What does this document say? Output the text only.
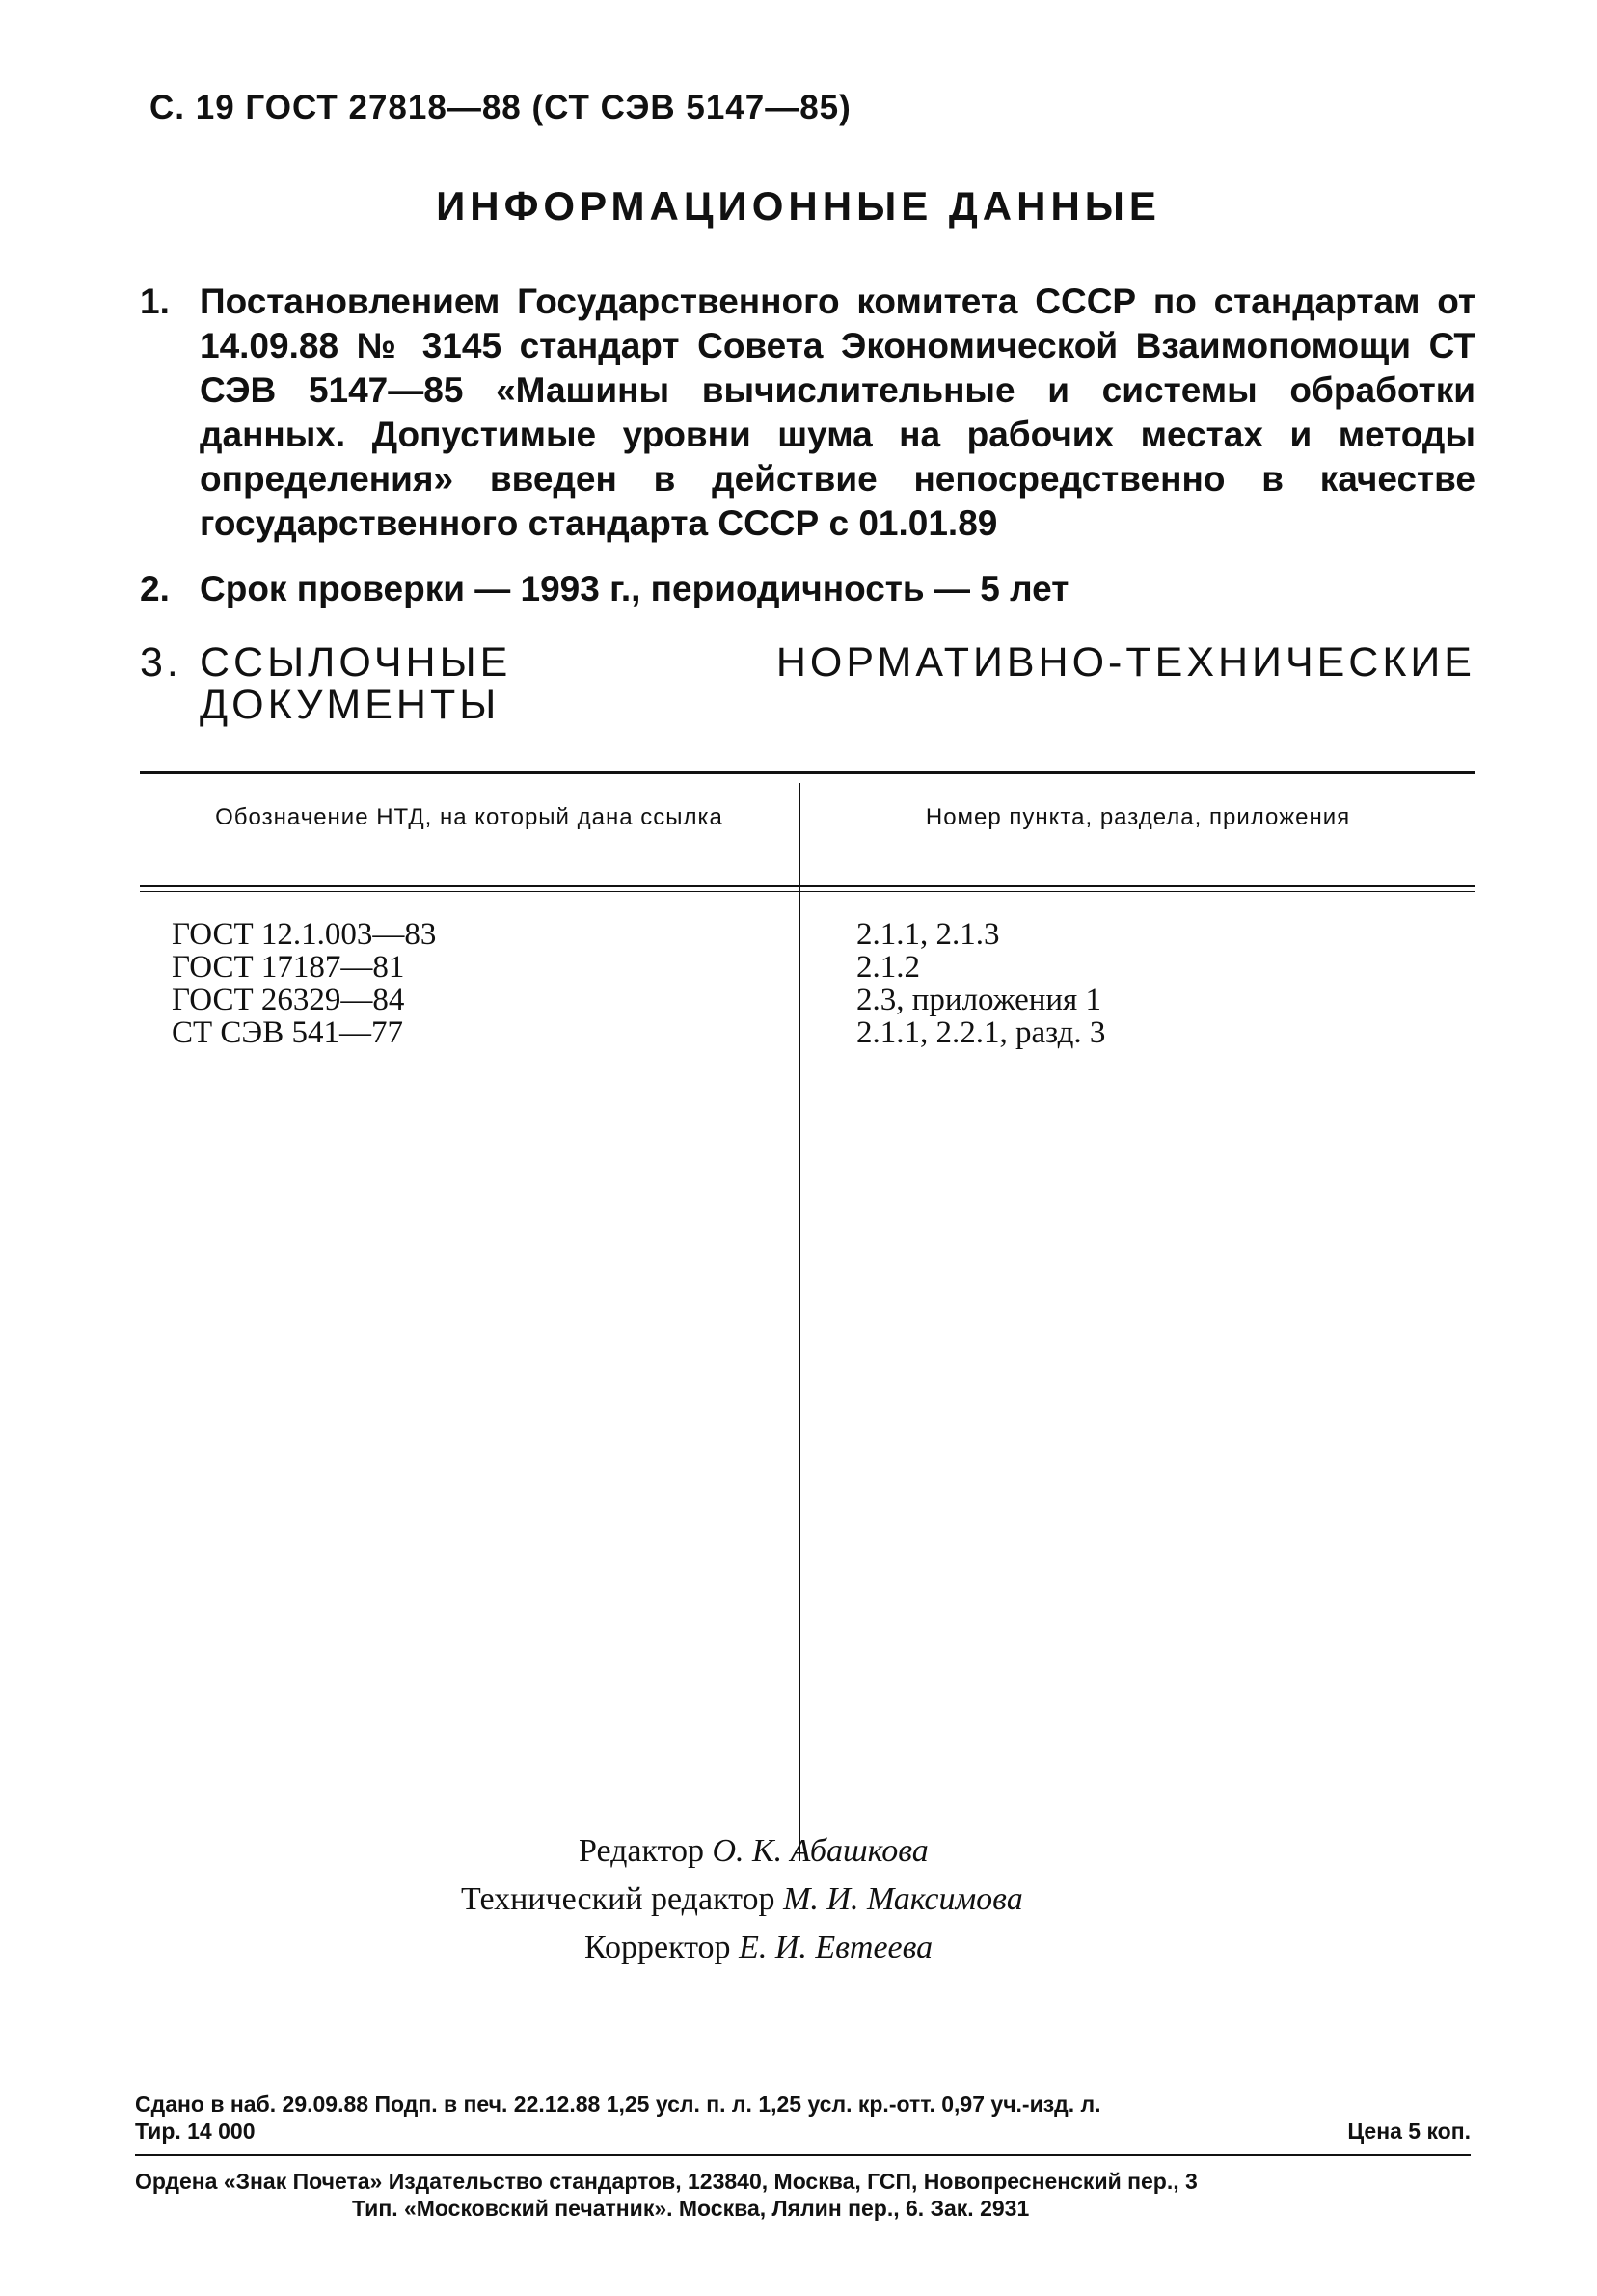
С. 19 ГОСТ 27818—88 (СТ СЭВ 5147—85)
ИНФОРМАЦИОННЫЕ ДАННЫЕ
1. Постановлением Государственного комитета СССР по стандартам от 14.09.88 № 3145 стандарт Совета Экономической Взаимопомощи СТ СЭВ 5147—85 «Машины вычислительные и системы обработки данных. Допустимые уровни шума на рабочих местах и методы определения» введен в действие непосредственно в качестве государственного стандарта СССР с 01.01.89
2. Срок проверки — 1993 г., периодичность — 5 лет
3. ССЫЛОЧНЫЕ НОРМАТИВНО-ТЕХНИЧЕСКИЕ ДОКУМЕНТЫ
Обозначение НТД, на который дана ссылка	Номер пункта, раздела, приложения
ГОСТ 12.1.003—83	2.1.1, 2.1.3
ГОСТ 17187—81	2.1.2
ГОСТ 26329—84	2.3, приложения 1
СТ СЭВ 541—77	2.1.1, 2.2.1, разд. 3
Редактор О. К. Абашкова
Технический редактор М. И. Максимова
Корректор Е. И. Евтеева
Сдано в наб. 29.09.88 Подп. в печ. 22.12.88 1,25 усл. п. л. 1,25 усл. кр.-отт. 0,97 уч.-изд. л.
Тир. 14 000	Цена 5 коп.
Ордена «Знак Почета» Издательство стандартов, 123840, Москва, ГСП, Новопресненский пер., 3
Тип. «Московский печатник». Москва, Лялин пер., 6. Зак. 2931
